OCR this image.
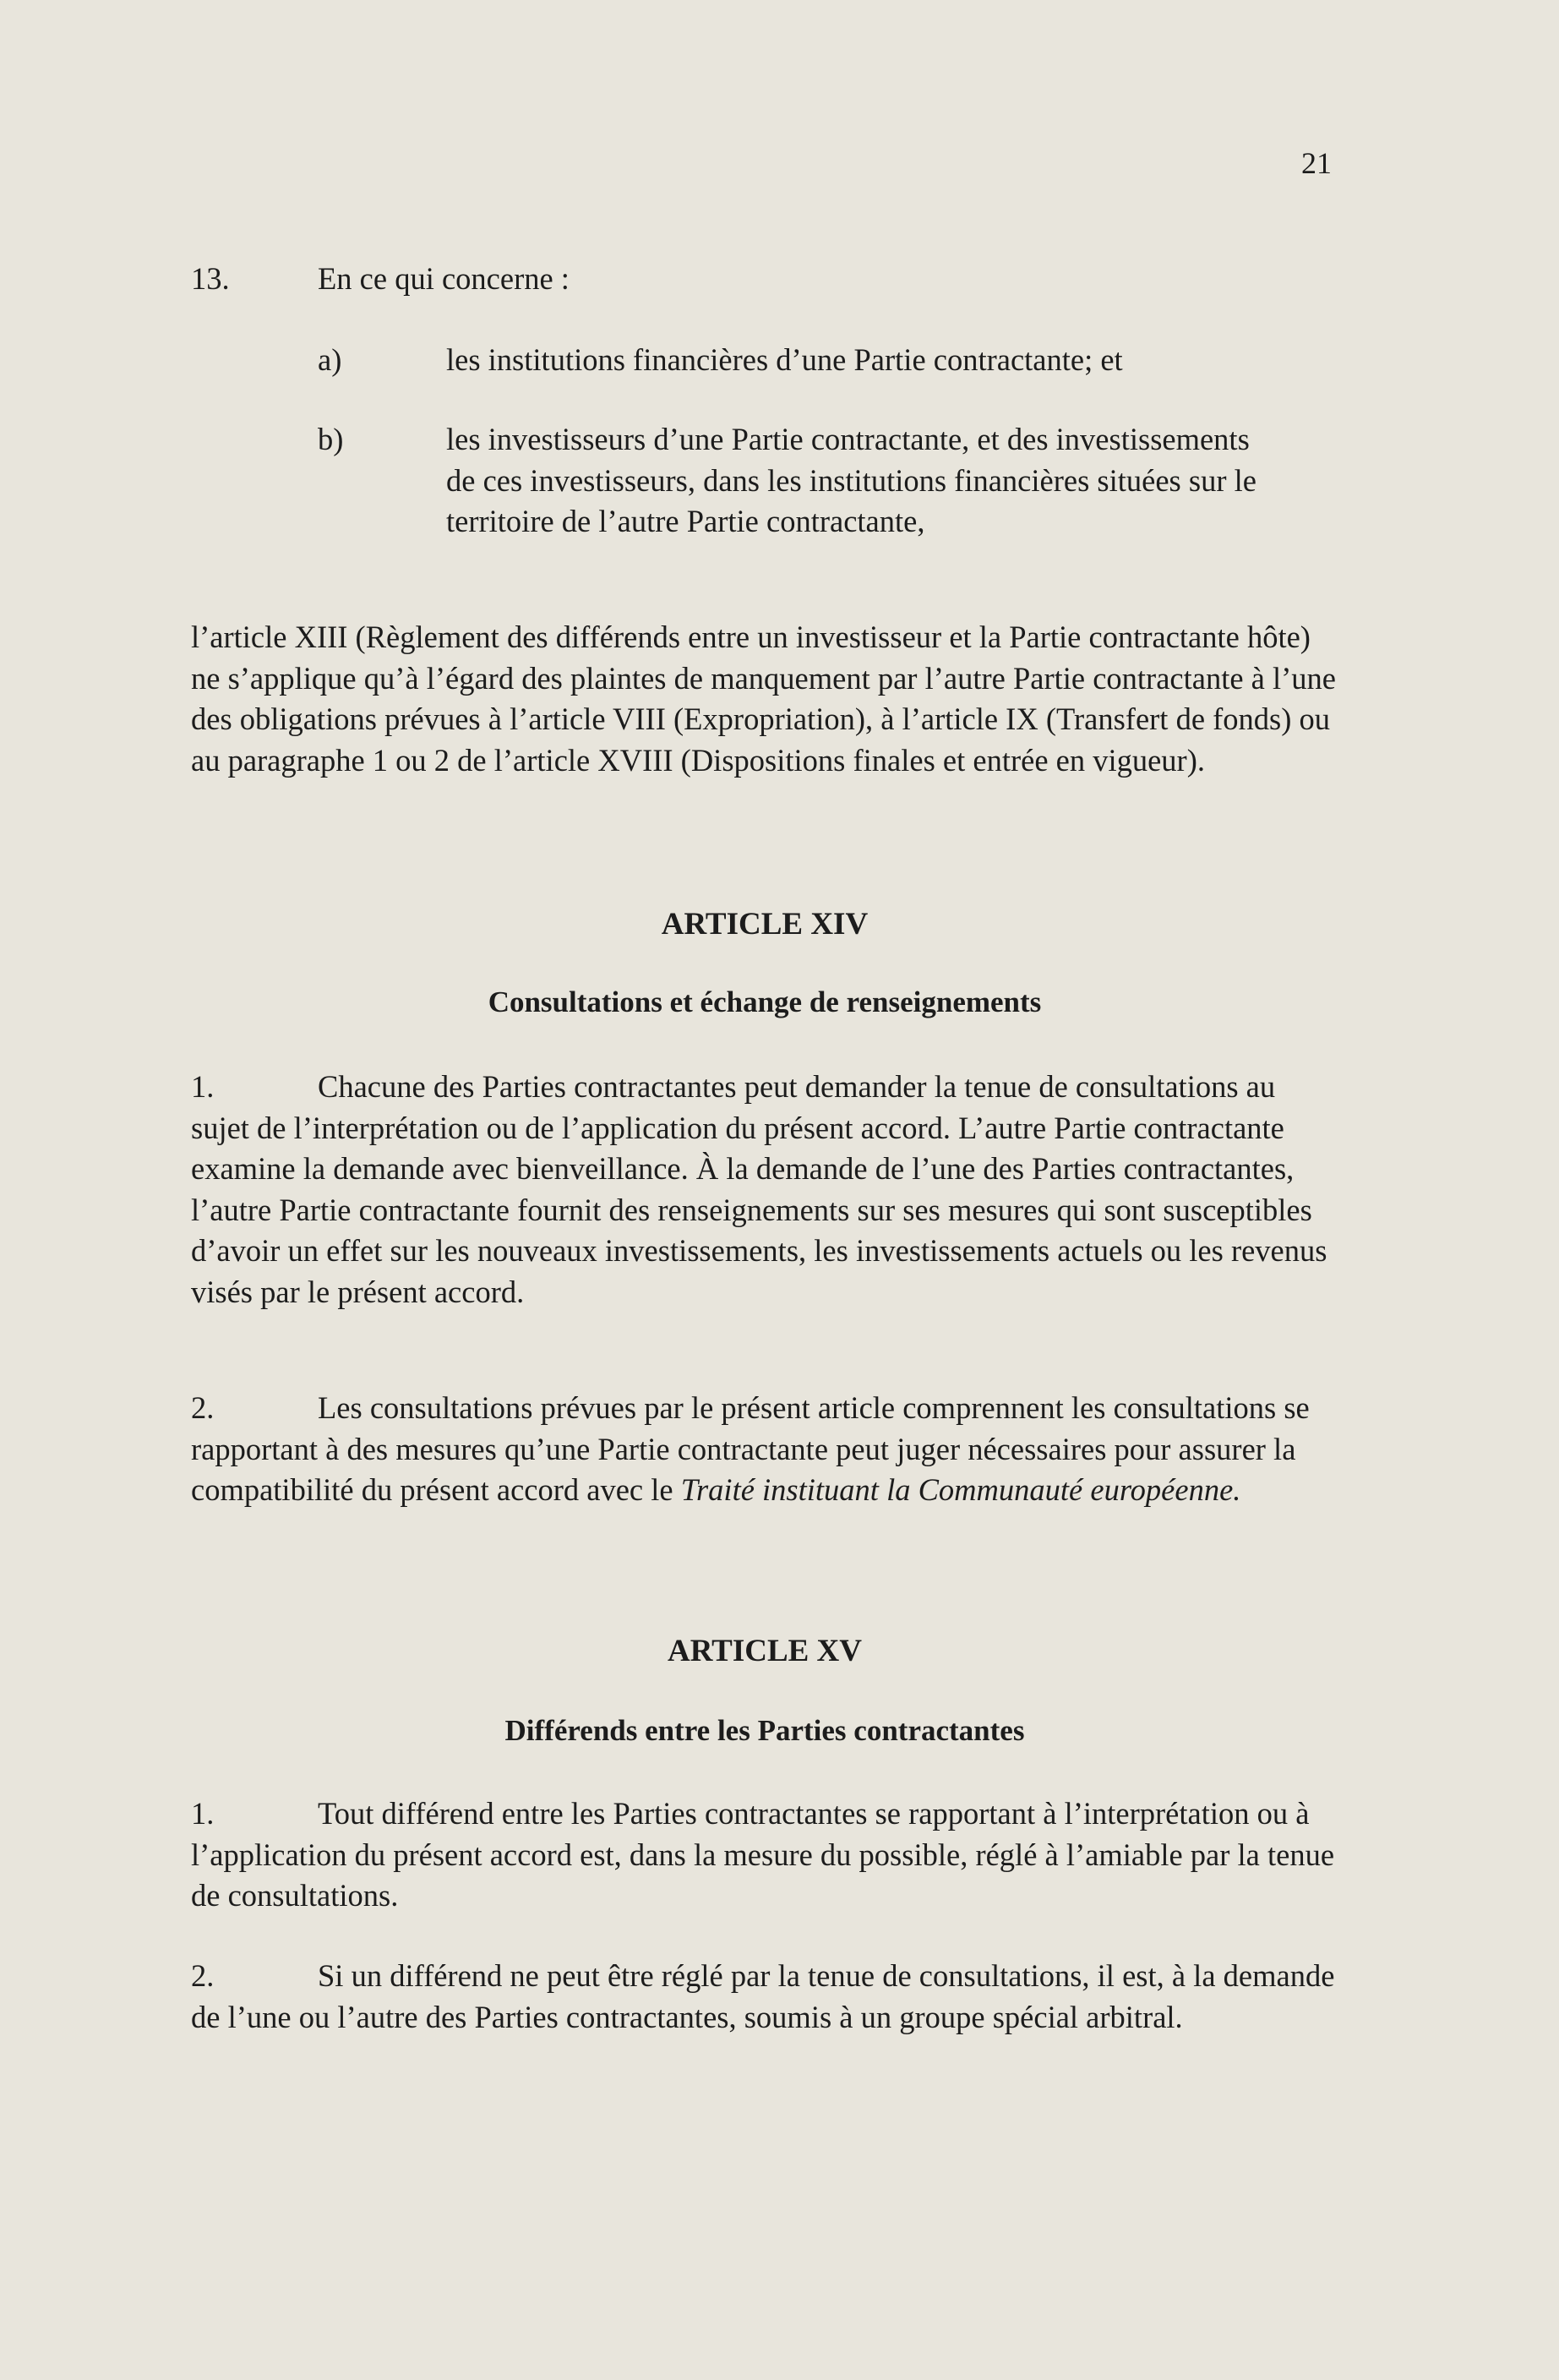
21
13.	En ce qui concerne :
a)	les institutions financières d’une Partie contractante; et
b)	les investisseurs d’une Partie contractante, et des investissements de ces investisseurs, dans les institutions financières situées sur le territoire de l’autre Partie contractante,
l’article XIII (Règlement des différends entre un investisseur et la Partie contractante hôte) ne s’applique qu’à l’égard des plaintes de manquement par l’autre Partie contractante à l’une des obligations prévues à l’article VIII (Expropriation), à l’article IX (Transfert de fonds) ou au paragraphe 1 ou 2 de l’article XVIII (Dispositions finales et entrée en vigueur).
ARTICLE XIV
Consultations et échange de renseignements
1.	Chacune des Parties contractantes peut demander la tenue de consultations au sujet de l’interprétation ou de l’application du présent accord. L’autre Partie contractante examine la demande avec bienveillance. À la demande de l’une des Parties contractantes, l’autre Partie contractante fournit des renseignements sur ses mesures qui sont susceptibles d’avoir un effet sur les nouveaux investissements, les investissements actuels ou les revenus visés par le présent accord.
2.	Les consultations prévues par le présent article comprennent les consultations se rapportant à des mesures qu’une Partie contractante peut juger nécessaires pour assurer la compatibilité du présent accord avec le Traité instituant la Communauté européenne.
ARTICLE XV
Différends entre les Parties contractantes
1.	Tout différend entre les Parties contractantes se rapportant à l’interprétation ou à l’application du présent accord est, dans la mesure du possible, réglé à l’amiable par la tenue de consultations.
2.	Si un différend ne peut être réglé par la tenue de consultations, il est, à la demande de l’une ou l’autre des Parties contractantes, soumis à un groupe spécial arbitral.
